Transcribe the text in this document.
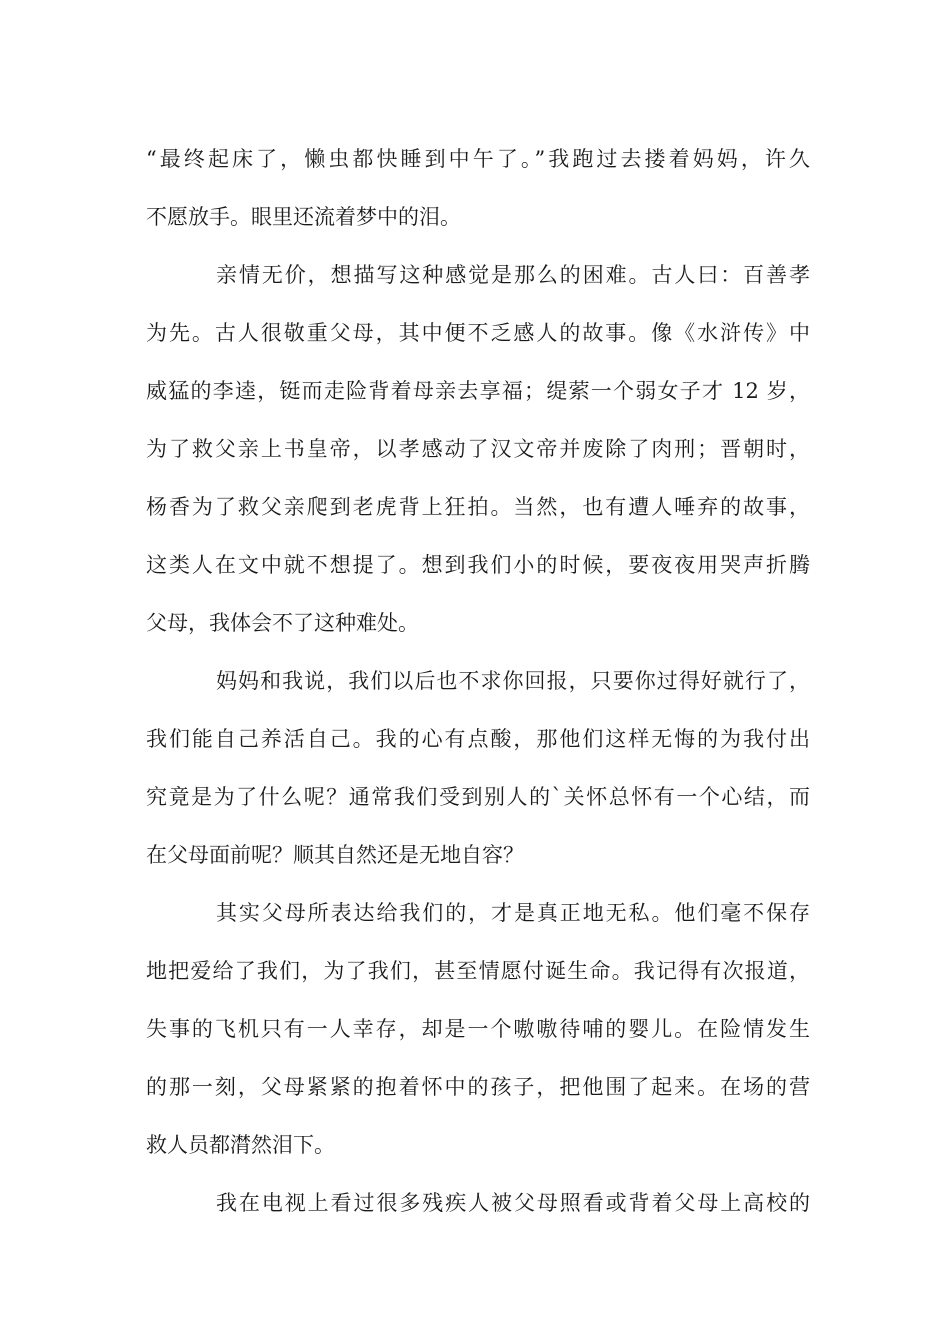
“最终起床了，懒虫都快睡到中午了。”我跑过去搂着妈妈，许久
不愿放手。眼里还流着梦中的泪。
亲情无价，想描写这种感觉是那么的困难。古人曰：百善孝
为先。古人很敬重父母，其中便不乏感人的故事。像《水浒传》中
威猛的李逵，铤而走险背着母亲去享福；缇萦一个弱女子才 12 岁，
为了救父亲上书皇帝，以孝感动了汉文帝并废除了肉刑；晋朝时，
杨香为了救父亲爬到老虎背上狂拍。当然，也有遭人唾弃的故事，
这类人在文中就不想提了。想到我们小的时候，要夜夜用哭声折腾
父母，我体会不了这种难处。
妈妈和我说，我们以后也不求你回报，只要你过得好就行了，
我们能自己养活自己。我的心有点酸，那他们这样无悔的为我付出
究竟是为了什么呢？通常我们受到别人的`关怀总怀有一个心结，而
在父母面前呢？顺其自然还是无地自容？
其实父母所表达给我们的，才是真正地无私。他们毫不保存
地把爱给了我们，为了我们，甚至情愿付诞生命。我记得有次报道，
失事的飞机只有一人幸存，却是一个嗷嗷待哺的婴儿。在险情发生
的那一刻，父母紧紧的抱着怀中的孩子，把他围了起来。在场的营
救人员都潸然泪下。
我在电视上看过很多残疾人被父母照看或背着父母上高校的
